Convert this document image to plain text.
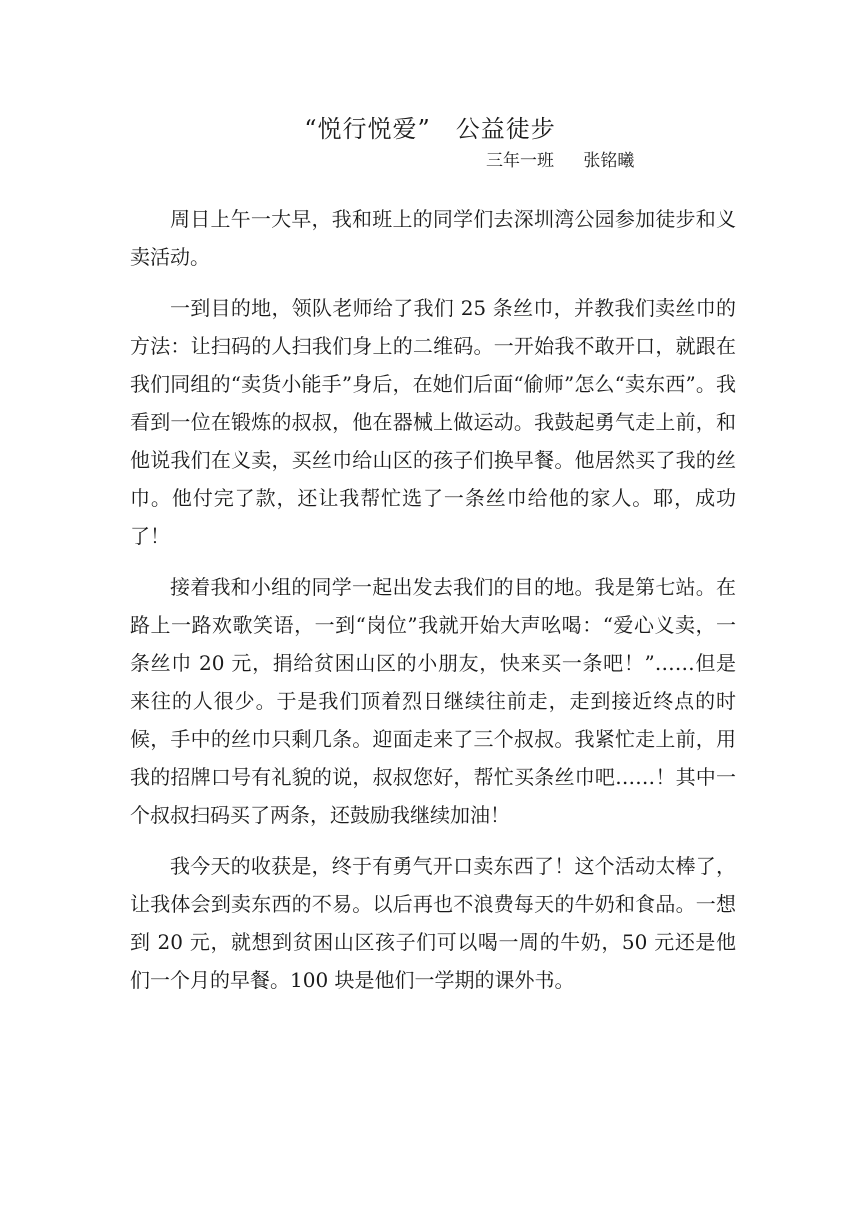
“悦行悦爱”　公益徒步
三年一班 张铭曦

周日上午一大早，我和班上的同学们去深圳湾公园参加徒步和义卖活动。

一到目的地，领队老师给了我们 25 条丝巾，并教我们卖丝巾的方法：让扫码的人扫我们身上的二维码。一开始我不敢开口，就跟在我们同组的“卖货小能手”身后，在她们后面“偷师”怎么“卖东西”。我看到一位在锻炼的叔叔，他在器械上做运动。我鼓起勇气走上前，和他说我们在义卖，买丝巾给山区的孩子们换早餐。他居然买了我的丝巾。他付完了款，还让我帮忙选了一条丝巾给他的家人。耶，成功了！

接着我和小组的同学一起出发去我们的目的地。我是第七站。在路上一路欢歌笑语，一到“岗位”我就开始大声吆喝：“爱心义卖，一条丝巾 20 元，捐给贫困山区的小朋友，快来买一条吧！”……但是来往的人很少。于是我们顶着烈日继续往前走，走到接近终点的时候，手中的丝巾只剩几条。迎面走来了三个叔叔。我紧忙走上前，用我的招牌口号有礼貌的说，叔叔您好，帮忙买条丝巾吧……！其中一个叔叔扫码买了两条，还鼓励我继续加油！

我今天的收获是，终于有勇气开口卖东西了！这个活动太棒了，让我体会到卖东西的不易。以后再也不浪费每天的牛奶和食品。一想到 20 元，就想到贫困山区孩子们可以喝一周的牛奶，50 元还是他们一个月的早餐。100 块是他们一学期的课外书。
